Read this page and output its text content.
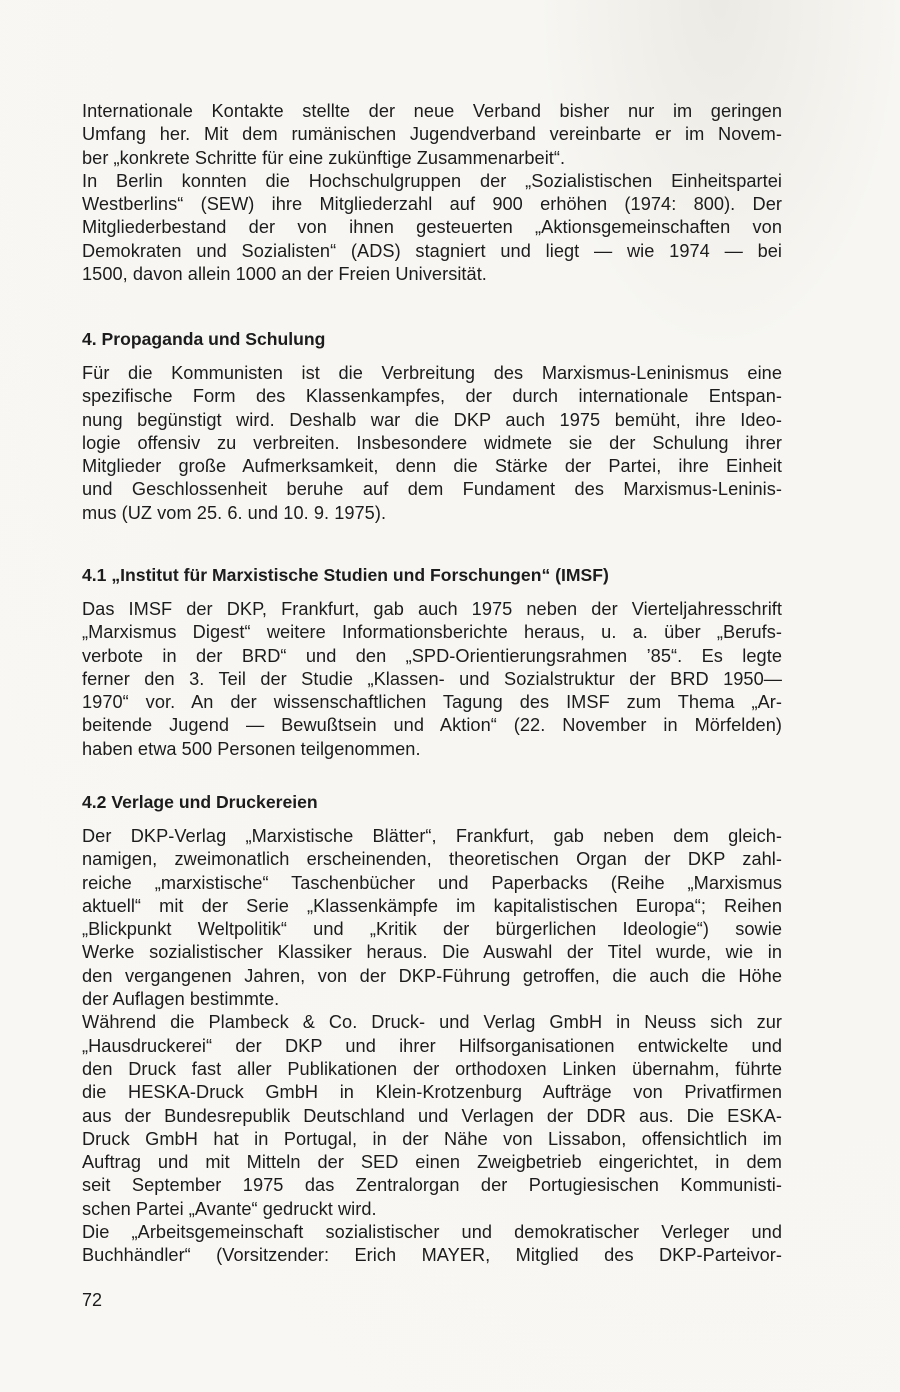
Internationale Kontakte stellte der neue Verband bisher nur im geringen
Umfang her. Mit dem rumänischen Jugendverband vereinbarte er im Novem-
ber „konkrete Schritte für eine zukünftige Zusammenarbeit“.
In Berlin konnten die Hochschulgruppen der „Sozialistischen Einheitspartei
Westberlins“ (SEW) ihre Mitgliederzahl auf 900 erhöhen (1974: 800). Der
Mitgliederbestand der von ihnen gesteuerten „Aktionsgemeinschaften von
Demokraten und Sozialisten“ (ADS) stagniert und liegt — wie 1974 — bei
1500, davon allein 1000 an der Freien Universität.
4. Propaganda und Schulung
Für die Kommunisten ist die Verbreitung des Marxismus-Leninismus eine
spezifische Form des Klassenkampfes, der durch internationale Entspan-
nung begünstigt wird. Deshalb war die DKP auch 1975 bemüht, ihre Ideo-
logie offensiv zu verbreiten. Insbesondere widmete sie der Schulung ihrer
Mitglieder große Aufmerksamkeit, denn die Stärke der Partei, ihre Einheit
und Geschlossenheit beruhe auf dem Fundament des Marxismus-Leninis-
mus (UZ vom 25. 6. und 10. 9. 1975).
4.1 „Institut für Marxistische Studien und Forschungen“ (IMSF)
Das IMSF der DKP, Frankfurt, gab auch 1975 neben der Vierteljahresschrift
„Marxismus Digest“ weitere Informationsberichte heraus, u. a. über „Berufs-
verbote in der BRD“ und den „SPD-Orientierungsrahmen ’85“. Es legte
ferner den 3. Teil der Studie „Klassen- und Sozialstruktur der BRD 1950—
1970“ vor. An der wissenschaftlichen Tagung des IMSF zum Thema „Ar-
beitende Jugend — Bewußtsein und Aktion“ (22. November in Mörfelden)
haben etwa 500 Personen teilgenommen.
4.2 Verlage und Druckereien
Der DKP-Verlag „Marxistische Blätter“, Frankfurt, gab neben dem gleich-
namigen, zweimonatlich erscheinenden, theoretischen Organ der DKP zahl-
reiche „marxistische“ Taschenbücher und Paperbacks (Reihe „Marxismus
aktuell“ mit der Serie „Klassenkämpfe im kapitalistischen Europa“; Reihen
„Blickpunkt Weltpolitik“ und „Kritik der bürgerlichen Ideologie“) sowie
Werke sozialistischer Klassiker heraus. Die Auswahl der Titel wurde, wie in
den vergangenen Jahren, von der DKP-Führung getroffen, die auch die Höhe
der Auflagen bestimmte.
Während die Plambeck & Co. Druck- und Verlag GmbH in Neuss sich zur
„Hausdruckerei“ der DKP und ihrer Hilfsorganisationen entwickelte und
den Druck fast aller Publikationen der orthodoxen Linken übernahm, führte
die HESKA-Druck GmbH in Klein-Krotzenburg Aufträge von Privatfirmen
aus der Bundesrepublik Deutschland und Verlagen der DDR aus. Die ESKA-
Druck GmbH hat in Portugal, in der Nähe von Lissabon, offensichtlich im
Auftrag und mit Mitteln der SED einen Zweigbetrieb eingerichtet, in dem
seit September 1975 das Zentralorgan der Portugiesischen Kommunisti-
schen Partei „Avante“ gedruckt wird.
Die „Arbeitsgemeinschaft sozialistischer und demokratischer Verleger und
Buchhändler“ (Vorsitzender: Erich MAYER, Mitglied des DKP-Parteivor-
72
